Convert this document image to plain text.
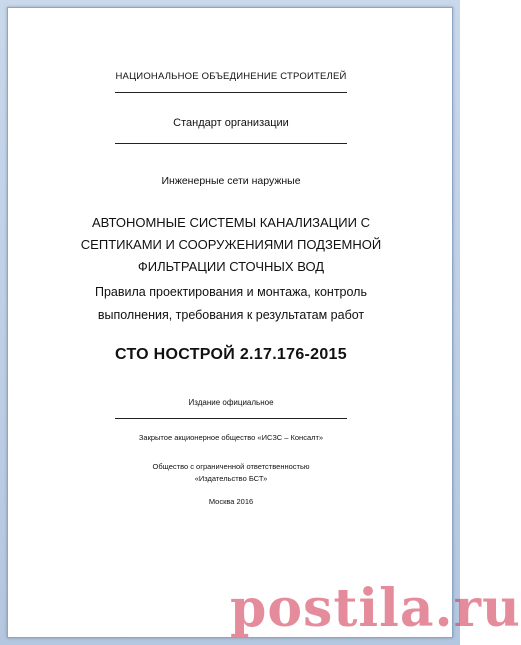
НАЦИОНАЛЬНОЕ ОБЪЕДИНЕНИЕ СТРОИТЕЛЕЙ
Стандарт организации
Инженерные сети наружные
АВТОНОМНЫЕ СИСТЕМЫ КАНАЛИЗАЦИИ С
СЕПТИКАМИ И СООРУЖЕНИЯМИ ПОДЗЕМНОЙ
ФИЛЬТРАЦИИ СТОЧНЫХ ВОД
Правила проектирования и монтажа, контроль
выполнения, требования к результатам работ
СТО НОСТРОЙ 2.17.176-2015
Издание официальное
Закрытое акционерное общество «ИСЗС – Консалт»
Общество с ограниченной ответственностью
«Издательство БСТ»
Москва 2016
postila.ru
